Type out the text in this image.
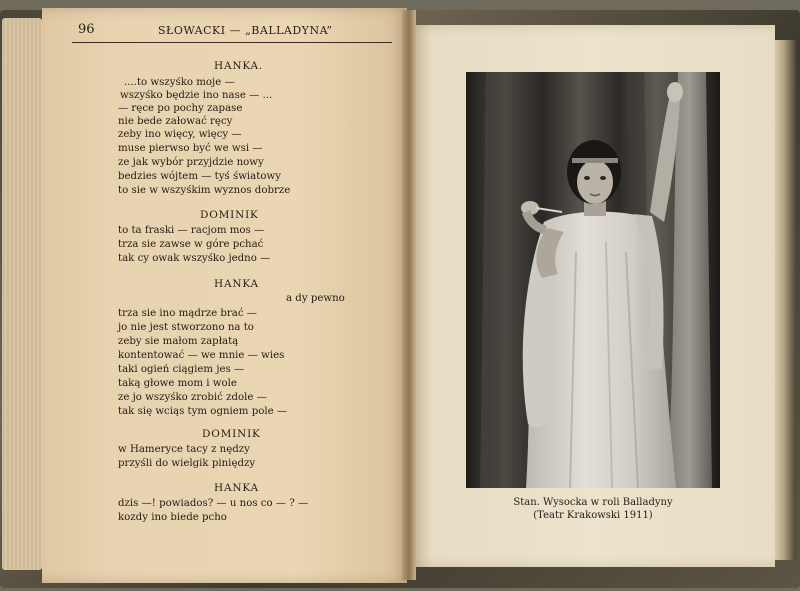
96	SŁOWACKI — „BALLADYNA”
HANKA.
....to wszyśko moje —
wszyśko będzie ino nase — ...
— ręce po pochy zapase
nie bede załować ręcy
zeby ino więcy, więcy —
muse pierwso być we wsi —
ze jak wybór przyjdzie nowy
bedzies wójtem — tyś światowy
to sie w wszyśkim wyznos dobrze
DOMINIK
to ta fraski — racjom mos —
trza sie zawse w góre pchać
tak cy owak wszyśko jedno —
HANKA
a dy pewno
trza sie ino mądrze brać —
jo nie jest stworzono na to
zeby sie małom zapłatą
kontentować — we mnie — wies
taki ogień ciągiem jes —
taką głowe mom i wole
ze jo wszyśko zrobić zdole —
tak się wciąs tym ogniem pole —
DOMINIK
w Hameryce tacy z nędzy
przyśli do wielgik piniędzy
HANKA
dzis —! powiados? — u nos co — ? —
kozdy ino biede pcho
Stan. Wysocka w roli Balladyny
(Teatr Krakowski 1911)
